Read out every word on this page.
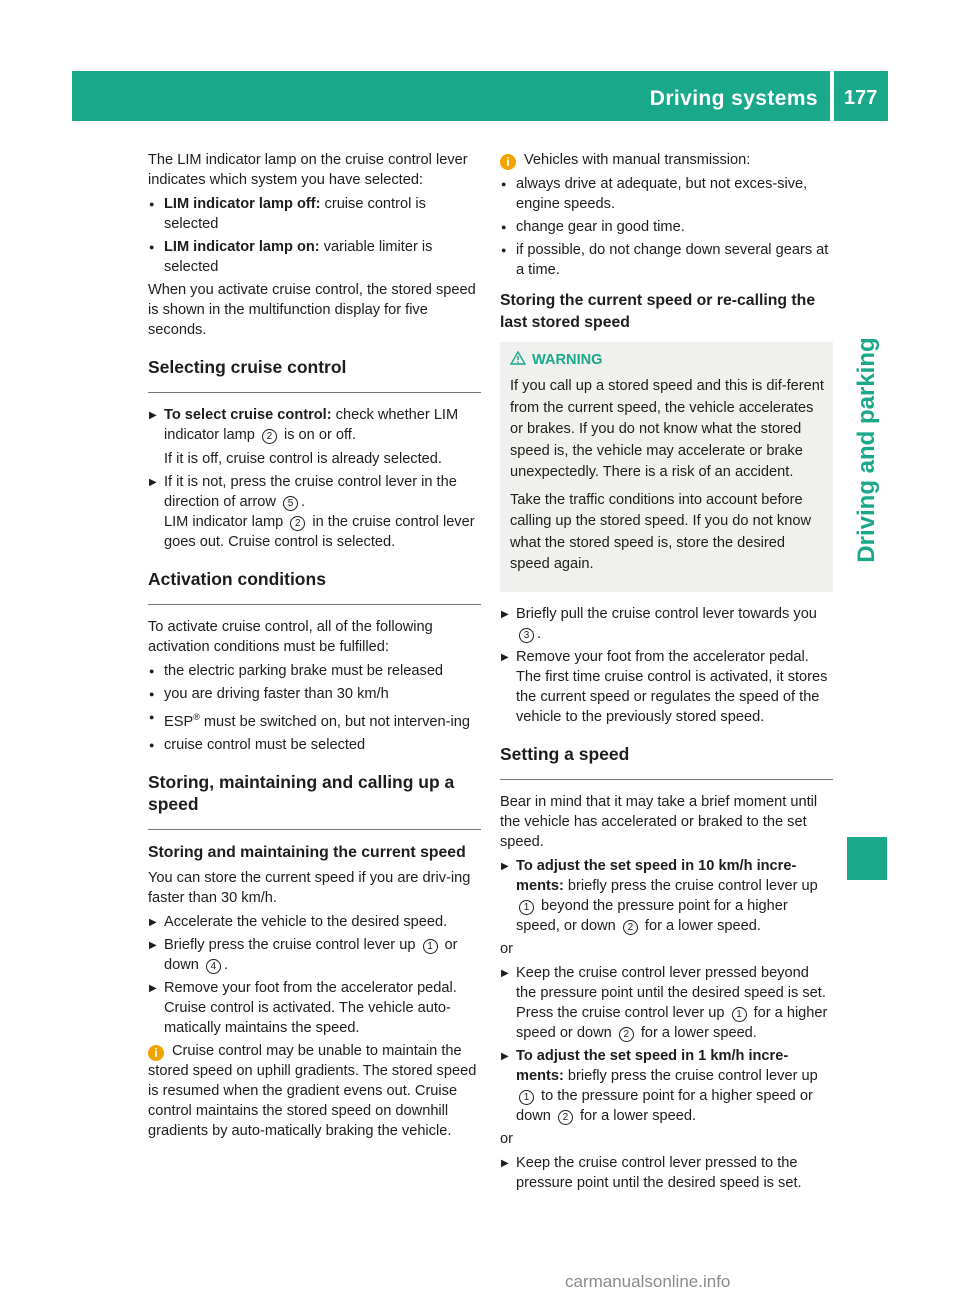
Driving systems 177
Driving and parking

The LIM indicator lamp on the cruise control lever indicates which system you have selected:

● LIM indicator lamp off: cruise control is selected
● LIM indicator lamp on: variable limiter is selected

When you activate cruise control, the stored speed is shown in the multifunction display for five seconds.

Selecting cruise control
▶ To select cruise control: check whether LIM indicator lamp 2 is on or off.
If it is off, cruise control is already selected.
▶ If it is not, press the cruise control lever in the direction of arrow 5 .
LIM indicator lamp 2 in the cruise control lever goes out. Cruise control is selected.
Activation conditions

To activate cruise control, all of the following activation conditions must be fulfilled:

● the electric parking brake must be released
● you are driving faster than 30 km/h
● ESP® must be switched on, but not interven-ing
● cruise control must be selected
Storing, maintaining and calling up a speed
Storing and maintaining the current speed

You can store the current speed if you are driv-ing faster than 30 km/h.

▶ Accelerate the vehicle to the desired speed.
▶ Briefly press the cruise control lever up 1 or down 4 .
▶ Remove your foot from the accelerator pedal. Cruise control is activated. The vehicle auto-matically maintains the speed.

i Cruise control may be unable to maintain the stored speed on uphill gradients. The stored speed is resumed when the gradient evens out. Cruise control maintains the stored speed on downhill gradients by auto-matically braking the vehicle.

i Vehicles with manual transmission:

● always drive at adequate, but not exces-sive, engine speeds.
● change gear in good time.
● if possible, do not change down several gears at a time.
Storing the current speed or re-calling the last stored speed
WARNING

If you call up a stored speed and this is dif-ferent from the current speed, the vehicle accelerates or brakes. If you do not know what the stored speed is, the vehicle may accelerate or brake unexpectedly. There is a risk of an accident.

Take the traffic conditions into account before calling up the stored speed. If you do not know what the stored speed is, store the desired speed again.

▶ Briefly pull the cruise control lever towards you 3 .
▶ Remove your foot from the accelerator pedal. The first time cruise control is activated, it stores the current speed or regulates the speed of the vehicle to the previously stored speed.
Setting a speed

Bear in mind that it may take a brief moment until the vehicle has accelerated or braked to the set speed.

▶ To adjust the set speed in 10 km/h incre-ments: briefly press the cruise control lever up 1 beyond the pressure point for a higher speed, or down 2 for a lower speed.

or

▶ Keep the cruise control lever pressed beyond the pressure point until the desired speed is set. Press the cruise control lever up 1 for a higher speed or down 2 for a lower speed.
▶ To adjust the set speed in 1 km/h incre-ments: briefly press the cruise control lever up 1 to the pressure point for a higher speed or down 2 for a lower speed.

or

▶ Keep the cruise control lever pressed to the pressure point until the desired speed is set.
carmanualsonline.info
